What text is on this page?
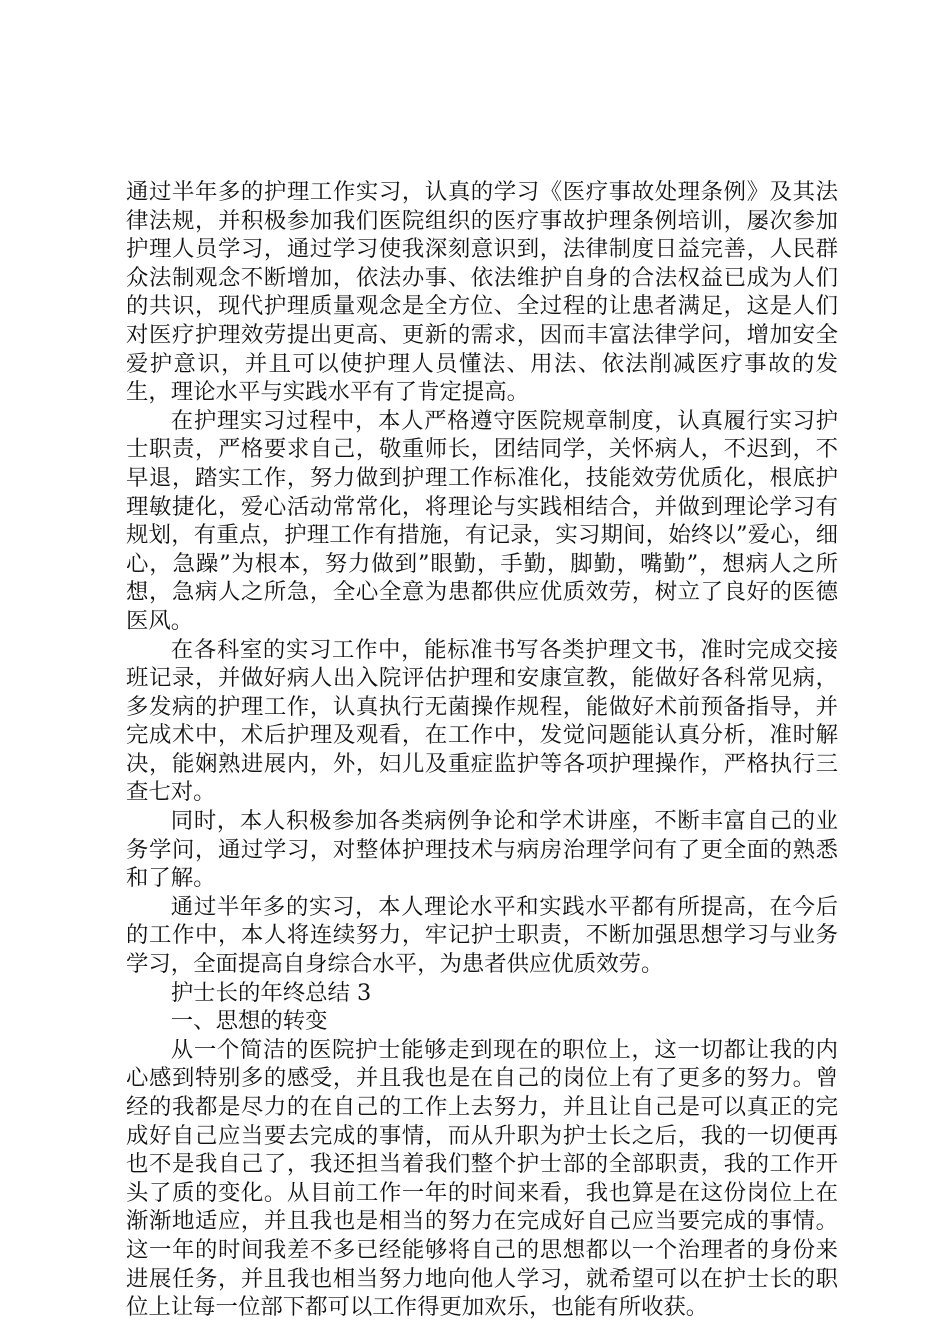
通过半年多的护理工作实习，认真的学习《医疗事故处理条例》及其法律法规，并积极参加我们医院组织的医疗事故护理条例培训，屡次参加护理人员学习，通过学习使我深刻意识到，法律制度日益完善，人民群众法制观念不断增加，依法办事、依法维护自身的合法权益已成为人们的共识，现代护理质量观念是全方位、全过程的让患者满足，这是人们对医疗护理效劳提出更高、更新的需求，因而丰富法律学问，增加安全爱护意识，并且可以使护理人员懂法、用法、依法削减医疗事故的发生，理论水平与实践水平有了肯定提高。

在护理实习过程中，本人严格遵守医院规章制度，认真履行实习护士职责，严格要求自己，敬重师长，团结同学，关怀病人，不迟到，不早退，踏实工作，努力做到护理工作标准化，技能效劳优质化，根底护理敏捷化，爱心活动常常化，将理论与实践相结合，并做到理论学习有规划，有重点，护理工作有措施，有记录，实习期间，始终以”爱心，细心，急躁”为根本，努力做到”眼勤，手勤，脚勤，嘴勤”，想病人之所想，急病人之所急，全心全意为患都供应优质效劳，树立了良好的医德医风。

在各科室的实习工作中，能标准书写各类护理文书，准时完成交接班记录，并做好病人出入院评估护理和安康宣教，能做好各科常见病，多发病的护理工作，认真执行无菌操作规程，能做好术前预备指导，并完成术中，术后护理及观看，在工作中，发觉问题能认真分析，准时解决，能娴熟进展内，外，妇儿及重症监护等各项护理操作，严格执行三查七对。

同时，本人积极参加各类病例争论和学术讲座，不断丰富自己的业务学问，通过学习，对整体护理技术与病房治理学问有了更全面的熟悉和了解。

通过半年多的实习，本人理论水平和实践水平都有所提高，在今后的工作中，本人将连续努力，牢记护士职责，不断加强思想学习与业务学习，全面提高自身综合水平，为患者供应优质效劳。

护士长的年终总结 3

一、思想的转变

从一个简洁的医院护士能够走到现在的职位上，这一切都让我的内心感到特别多的感受，并且我也是在自己的岗位上有了更多的努力。曾经的我都是尽力的在自己的工作上去努力，并且让自己是可以真正的完成好自己应当要去完成的事情，而从升职为护士长之后，我的一切便再也不是我自己了，我还担当着我们整个护士部的全部职责，我的工作开头了质的变化。从目前工作一年的时间来看，我也算是在这份岗位上在渐渐地适应，并且我也是相当的努力在完成好自己应当要完成的事情。这一年的时间我差不多已经能够将自己的思想都以一个治理者的身份来进展任务，并且我也相当努力地向他人学习，就希望可以在护士长的职位上让每一位部下都可以工作得更加欢乐，也能有所收获。
